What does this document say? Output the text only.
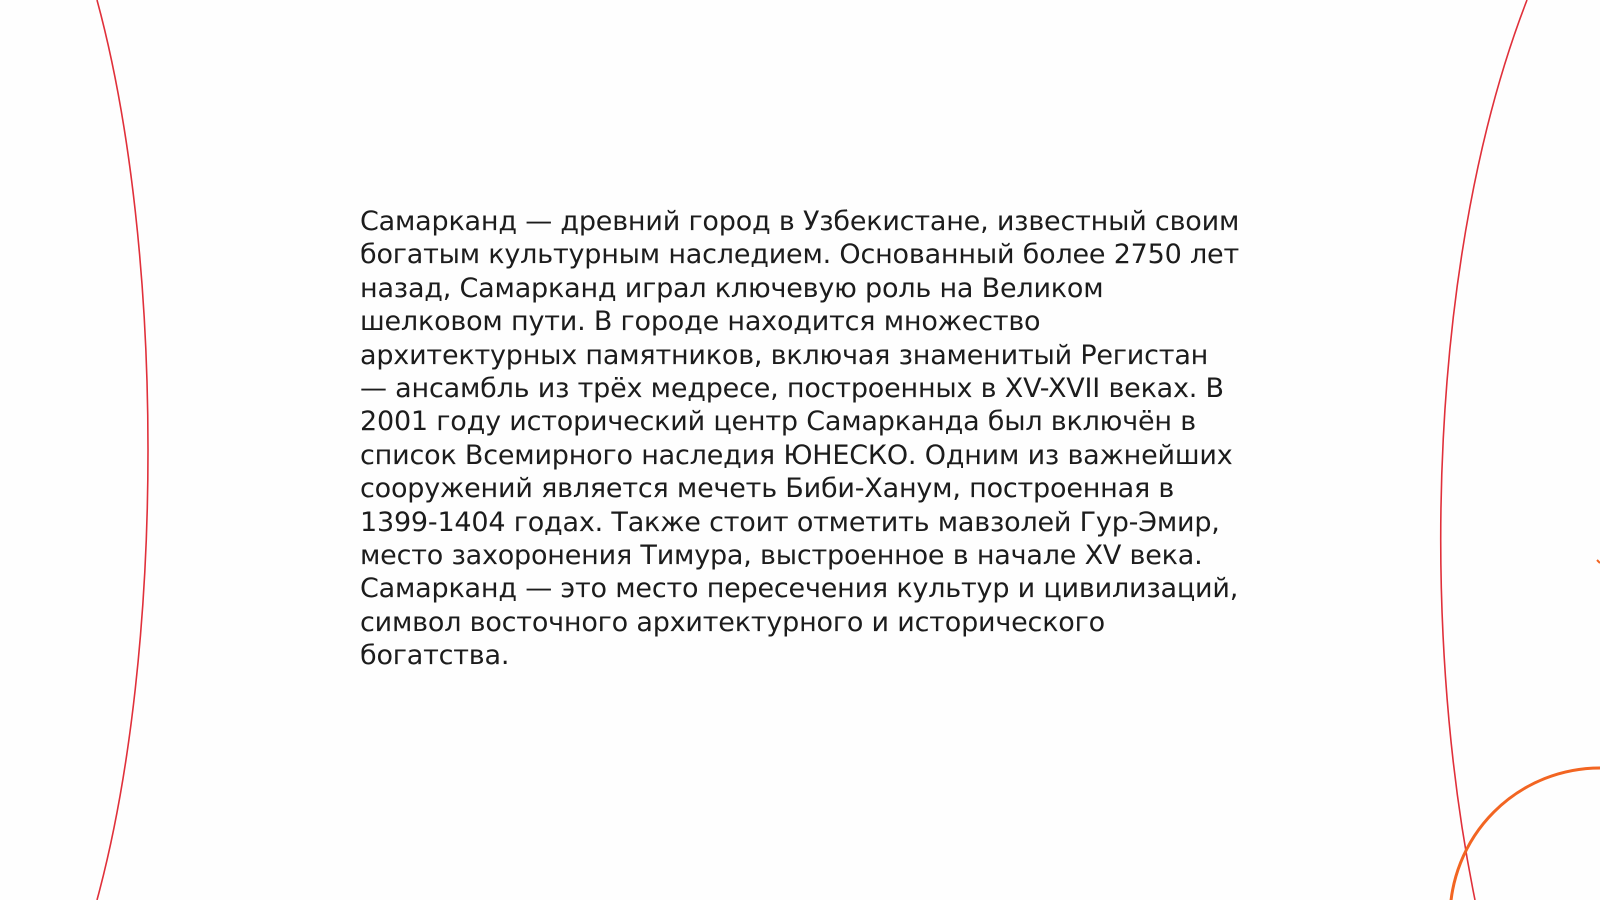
Самарканд — древний город в Узбекистане, известный своим богатым культурным наследием. Основанный более 2750 лет назад, Самарканд играл ключевую роль на Великом шелковом пути. В городе находится множество архитектурных памятников, включая знаменитый Регистан — ансамбль из трёх медресе, построенных в XV-XVII веках. В 2001 году исторический центр Самарканда был включён в список Всемирного наследия ЮНЕСКО. Одним из важнейших сооружений является мечеть Биби-Ханум, построенная в 1399-1404 годах. Также стоит отметить мавзолей Гур-Эмир, место захоронения Тимура, выстроенное в начале XV века. Самарканд — это место пересечения культур и цивилизаций, символ восточного архитектурного и исторического богатства.
